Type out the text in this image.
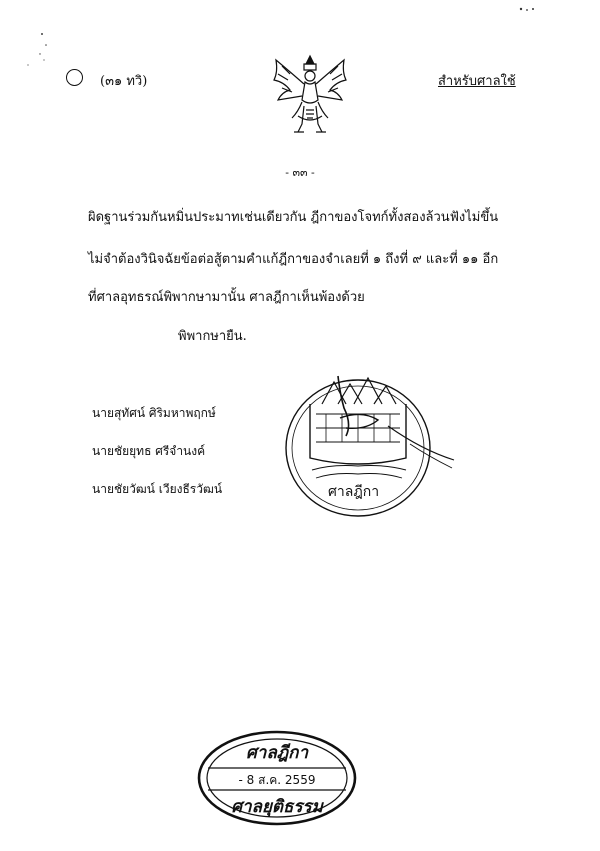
(๓๑ ทวิ)	สำหรับศาลใช้
- ๓๓ -
ผิดฐานร่วมกันหมิ่นประมาทเช่นเดียวกัน ฎีกาของโจทก์ทั้งสองล้วนฟังไม่ขึ้น
ไม่จำต้องวินิจฉัยข้อต่อสู้ตามคำแก้ฎีกาของจำเลยที่ ๑ ถึงที่ ๙ และที่ ๑๑ อีก
ที่ศาลอุทธรณ์พิพากษามานั้น ศาลฎีกาเห็นพ้องด้วย
พิพากษายืน.
นายสุทัศน์ ศิริมหาพฤกษ์
นายชัยยุทธ ศรีจำนงค์
นายชัยวัฒน์ เวียงธีรวัฒน์	ศาลฎีกา
ศาลฎีกา
- 8 ส.ค. 2559
ศาลยุติธรรม
